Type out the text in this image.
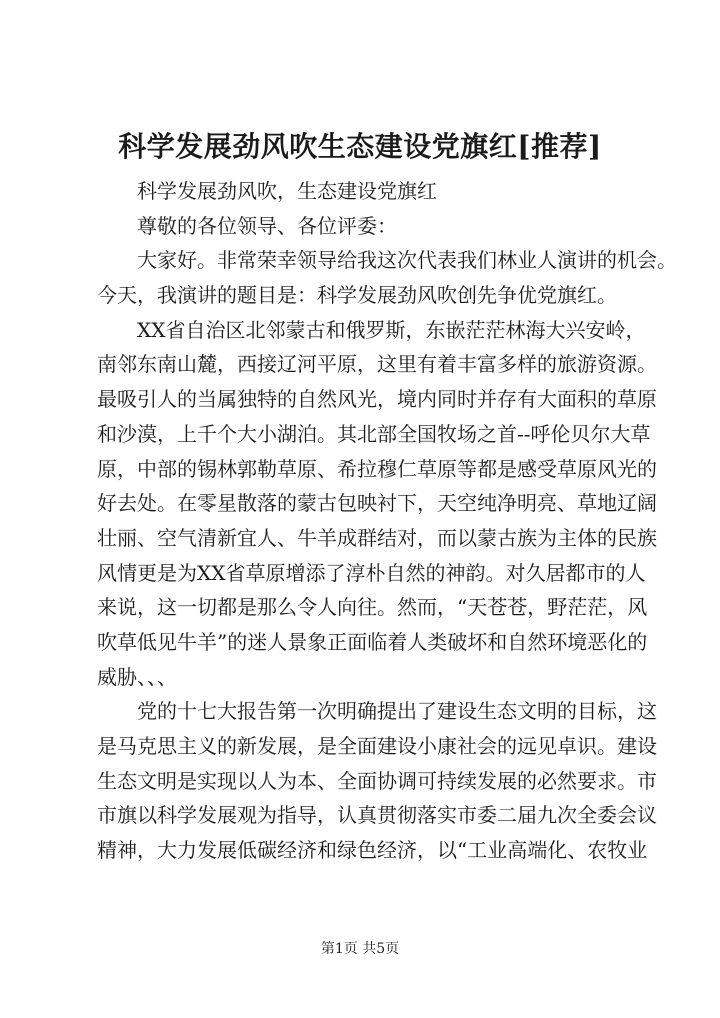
科学发展劲风吹生态建设党旗红[推荐]
科学发展劲风吹，生态建设党旗红
尊敬的各位领导、各位评委：
大家好。非常荣幸领导给我这次代表我们林业人演讲的机会。
今天，我演讲的题目是：科学发展劲风吹创先争优党旗红。
XX省自治区北邻蒙古和俄罗斯，东嵌茫茫林海大兴安岭，
南邻东南山麓，西接辽河平原，这里有着丰富多样的旅游资源。
最吸引人的当属独特的自然风光，境内同时并存有大面积的草原
和沙漠，上千个大小湖泊。其北部全国牧场之首--呼伦贝尔大草
原，中部的锡林郭勒草原、希拉穆仁草原等都是感受草原风光的
好去处。在零星散落的蒙古包映衬下，天空纯净明亮、草地辽阔
壮丽、空气清新宜人、牛羊成群结对，而以蒙古族为主体的民族
风情更是为XX省草原增添了淳朴自然的神韵。对久居都市的人
来说，这一切都是那么令人向往。然而，“天苍苍，野茫茫，风
吹草低见牛羊”的迷人景象正面临着人类破坏和自然环境恶化的
威胁、、、
党的十七大报告第一次明确提出了建设生态文明的目标，这
是马克思主义的新发展，是全面建设小康社会的远见卓识。建设
生态文明是实现以人为本、全面协调可持续发展的必然要求。市
市旗以科学发展观为指导，认真贯彻落实市委二届九次全委会议
精神，大力发展低碳经济和绿色经济，以“工业高端化、农牧业
第1页 共5页
